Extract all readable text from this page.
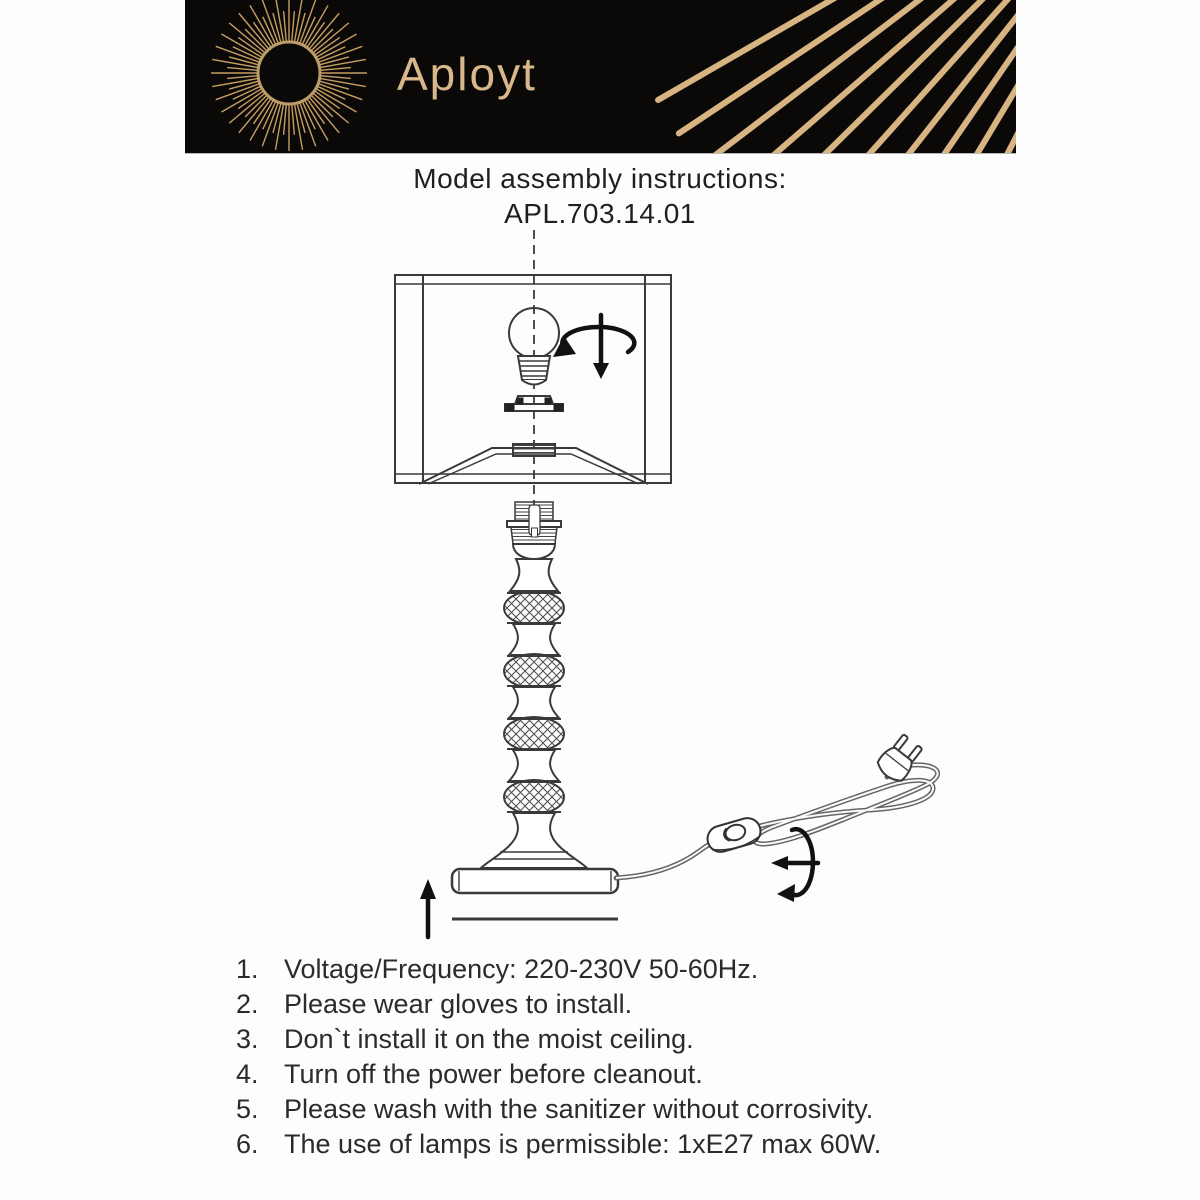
Aployt
Model assembly instructions:
APL.703.14.01
1. Voltage/Frequency: 220-230V 50-60Hz.
2. Please wear gloves to install.
3. Don`t install it on the moist ceiling.
4. Turn off the power before cleanout.
5. Please wash with the sanitizer without corrosivity.
6. The use of lamps is permissible: 1xE27 max 60W.
